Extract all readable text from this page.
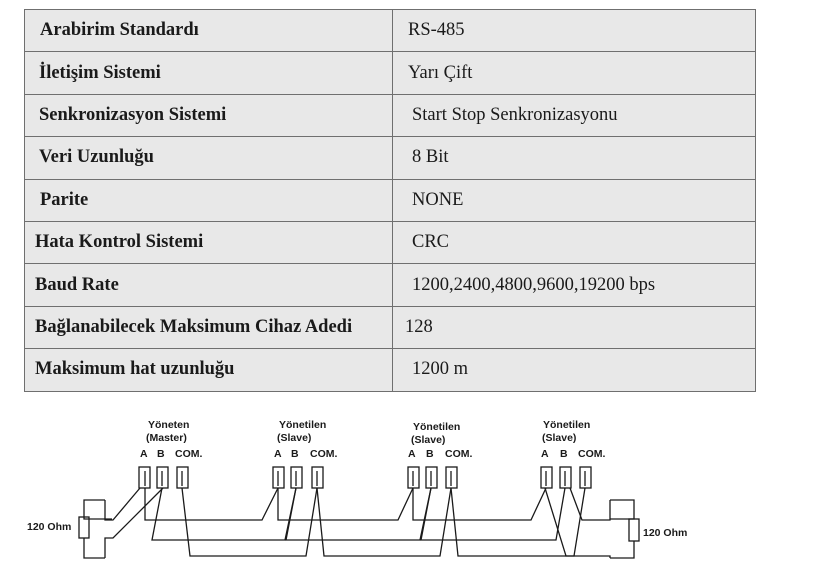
Arabirim Standardı	RS-485
İletişim Sistemi	Yarı Çift
Senkronizasyon Sistemi	Start Stop Senkronizasyonu
Veri Uzunluğu	8 Bit
Parite	NONE
Hata Kontrol Sistemi	CRC
Baud Rate	1200,2400,4800,9600,19200 bps
Bağlanabilecek Maksimum Cihaz Adedi	128
Maksimum hat uzunluğu	1200 m
Yöneten
(Master)
A B COM.
Yönetilen
(Slave)
A B COM.
Yönetilen
(Slave)
A B COM.
Yönetilen
(Slave)
A B COM.
120 Ohm	120 Ohm
